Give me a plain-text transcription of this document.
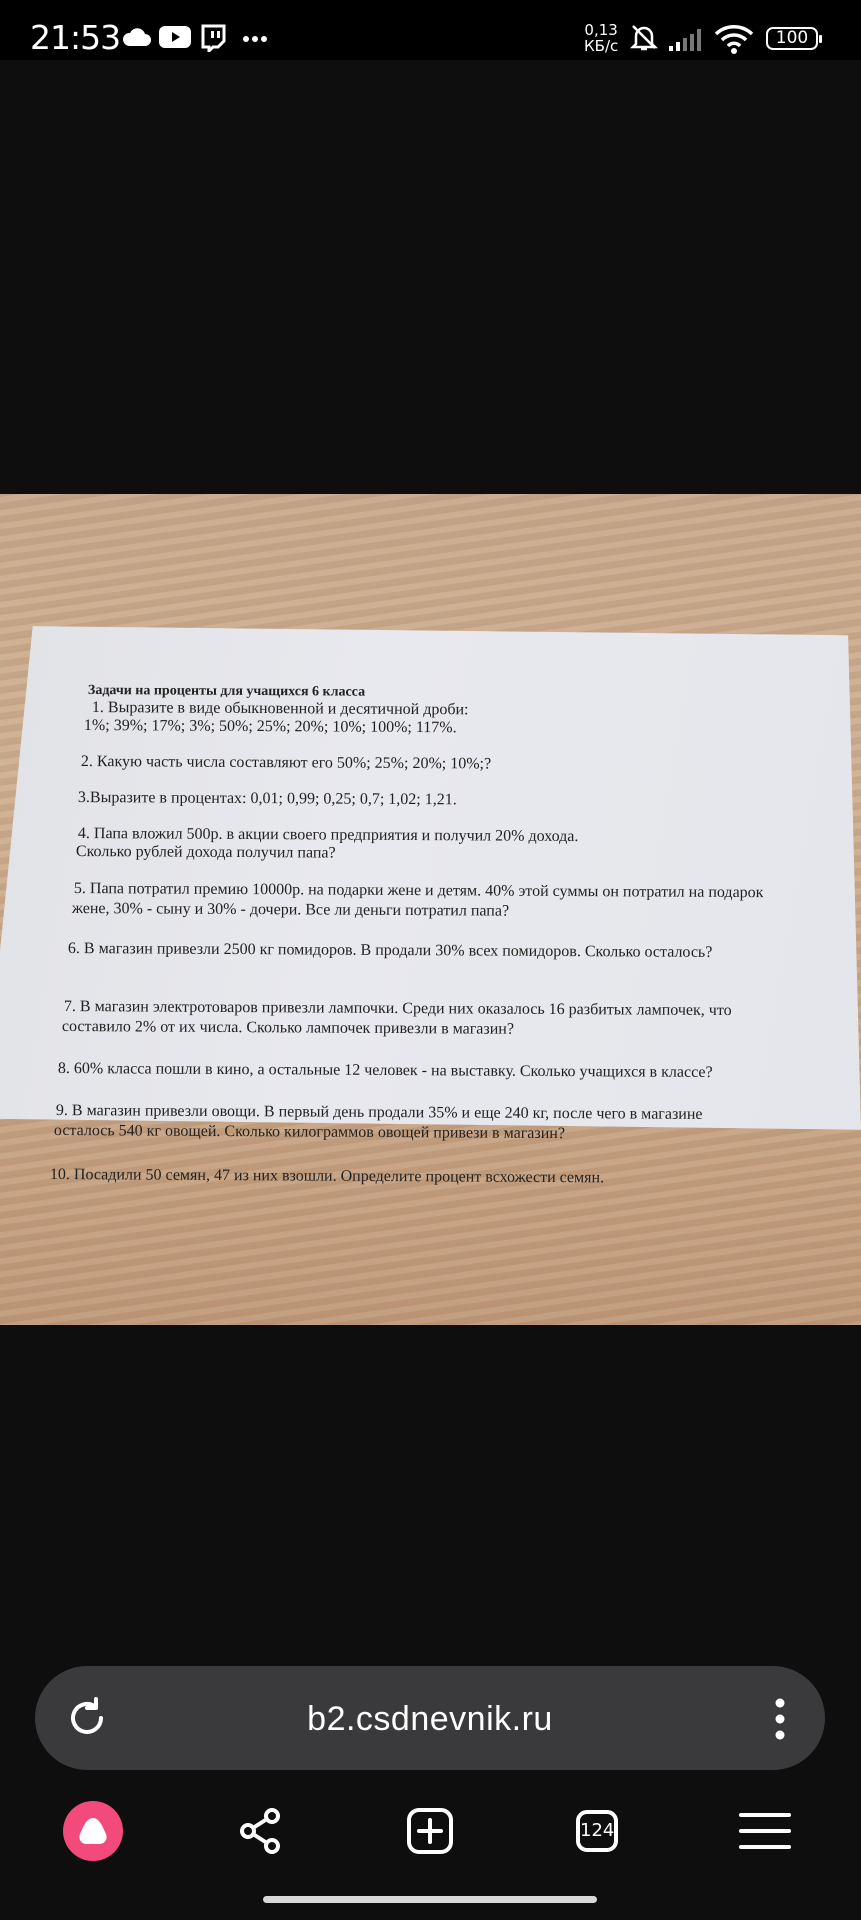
21:53	0,13
КБ/с	100
Задачи на проценты для учащихся 6 класса
1. Выразите в виде обыкновенной и десятичной дроби:
1%; 39%; 17%; 3%; 50%; 25%; 20%; 10%; 100%; 117%.
2. Какую часть числа составляют его 50%; 25%; 20%; 10%;?
3.Выразите в процентах: 0,01; 0,99; 0,25; 0,7; 1,02; 1,21.
4. Папа вложил 500р. в акции своего предприятия и получил 20% дохода.
Сколько рублей дохода получил папа?
5. Папа потратил премию 10000р. на подарки жене и детям. 40% этой суммы он потратил на подарок
жене, 30% - сыну и 30% - дочери. Все ли деньги потратил папа?
6. В магазин привезли 2500 кг помидоров. В продали 30% всех помидоров. Сколько осталось?
7. В магазин электротоваров привезли лампочки. Среди них оказалось 16 разбитых лампочек, что
составило 2% от их числа. Сколько лампочек привезли в магазин?
8. 60% класса пошли в кино, а остальные 12 человек - на выставку. Сколько учащихся в классе?
9. В магазин привезли овощи. В первый день продали 35% и еще 240 кг, после чего в магазине
осталось 540 кг овощей. Сколько килограммов овощей привези в магазин?
10. Посадили 50 семян, 47 из них взошли. Определите процент всхожести семян.
b2.csdnevnik.ru
124
